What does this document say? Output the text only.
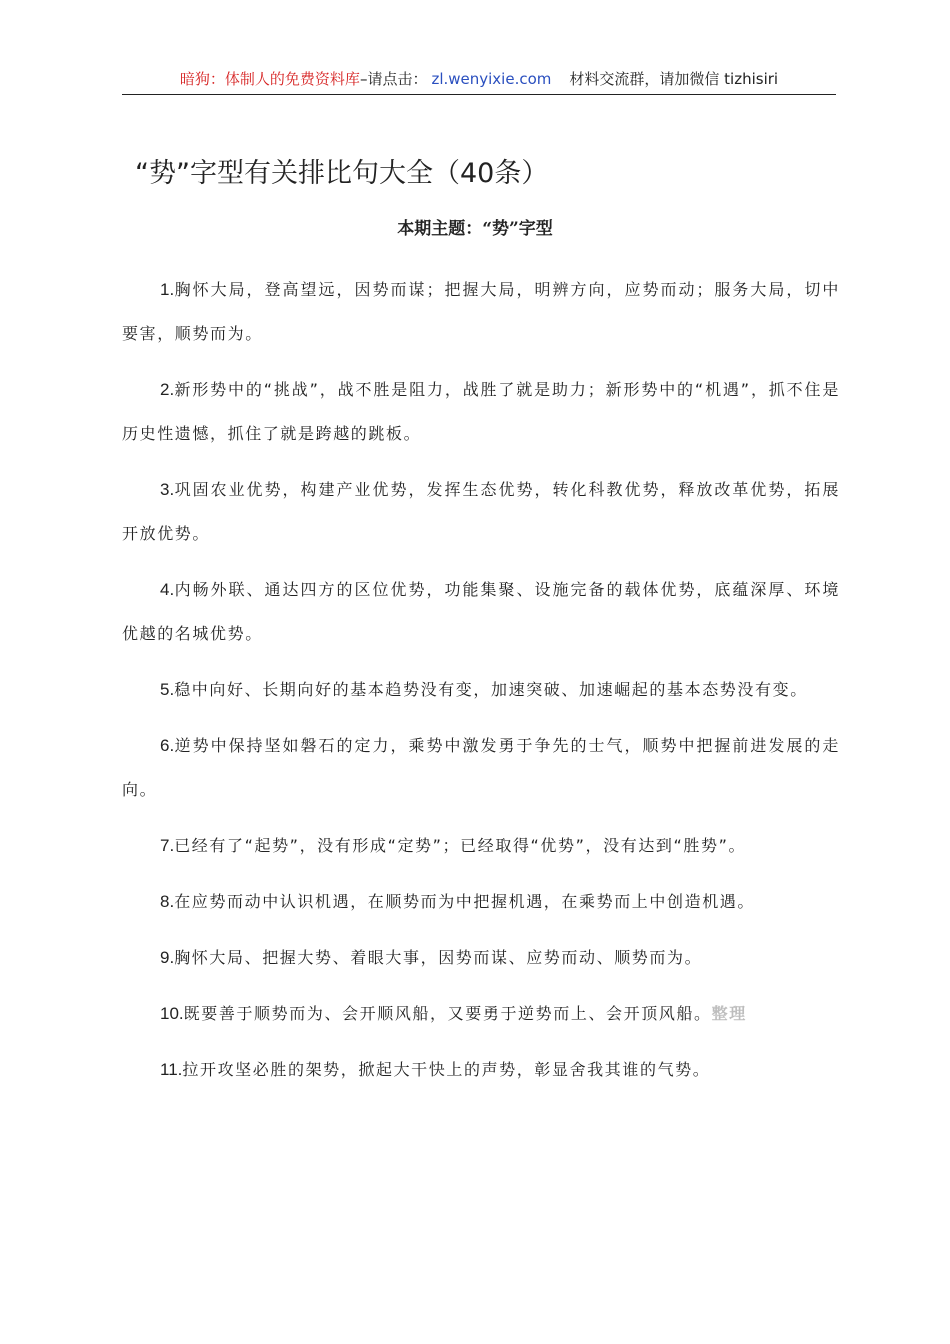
暗狗：体制人的免费资料库–请点击： zl.wenyixie.com 材料交流群，请加微信 tizhisiri
“势”字型有关排比句大全（40条）
本期主题：“势”字型

1.胸怀大局，登高望远，因势而谋；把握大局，明辨方向，应势而动；服务大局，切中要害，顺势而为。

2.新形势中的“挑战”，战不胜是阻力，战胜了就是助力；新形势中的“机遇”，抓不住是历史性遗憾，抓住了就是跨越的跳板。

3.巩固农业优势，构建产业优势，发挥生态优势，转化科教优势，释放改革优势，拓展开放优势。

4.内畅外联、通达四方的区位优势，功能集聚、设施完备的载体优势，底蕴深厚、环境优越的名城优势。

5.稳中向好、长期向好的基本趋势没有变，加速突破、加速崛起的基本态势没有变。

6.逆势中保持坚如磐石的定力，乘势中激发勇于争先的士气，顺势中把握前进发展的走向。

7.已经有了“起势”，没有形成“定势”；已经取得“优势”，没有达到“胜势”。

8.在应势而动中认识机遇，在顺势而为中把握机遇，在乘势而上中创造机遇。

9.胸怀大局、把握大势、着眼大事，因势而谋、应势而动、顺势而为。

10.既要善于顺势而为、会开顺风船，又要勇于逆势而上、会开顶风船。整理

11.拉开攻坚必胜的架势，掀起大干快上的声势，彰显舍我其谁的气势。
